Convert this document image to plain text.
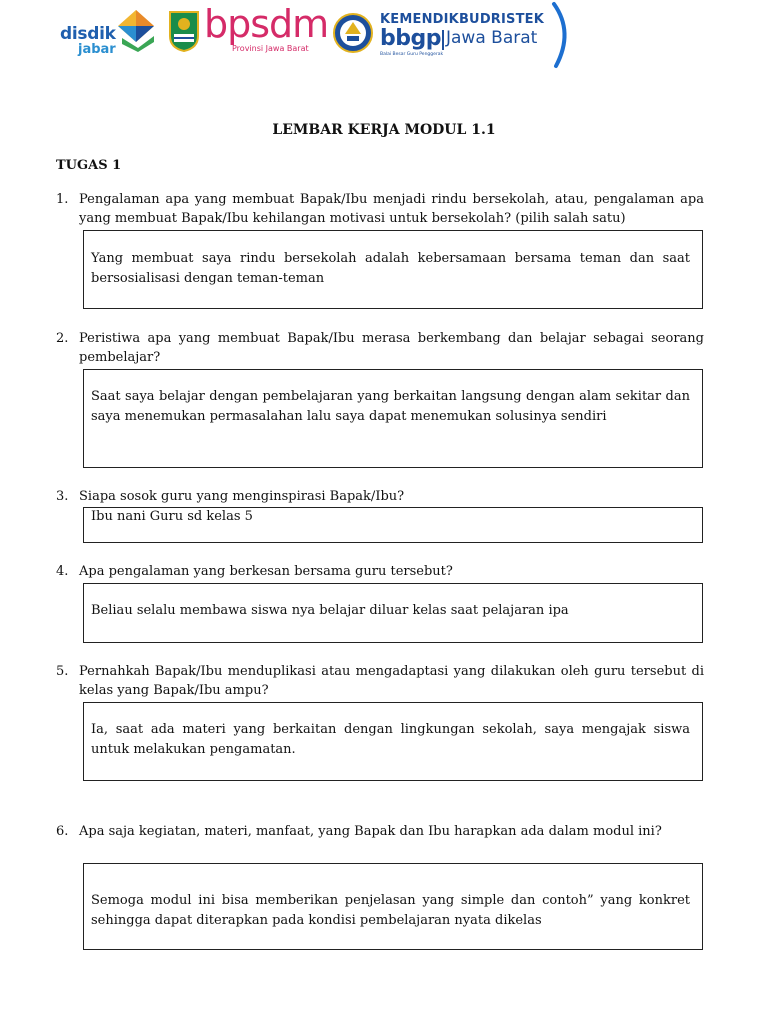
disdik
jabar
bpsdm
Provinsi Jawa Barat
KEMENDIKBUDRISTEK
bbgp Jawa Barat
Balai Besar Guru Penggerak
LEMBAR KERJA MODUL 1.1
TUGAS 1
1. Pengalaman apa yang membuat Bapak/Ibu menjadi rindu bersekolah, atau, pengalaman apa yang membuat Bapak/Ibu kehilangan motivasi untuk bersekolah? (pilih salah satu)
Yang membuat saya rindu bersekolah adalah kebersamaan bersama teman dan saat bersosialisasi dengan teman-teman
2. Peristiwa apa yang membuat Bapak/Ibu merasa berkembang dan belajar sebagai seorang pembelajar?
Saat saya belajar dengan pembelajaran yang berkaitan langsung dengan alam sekitar dan saya menemukan permasalahan lalu saya dapat menemukan solusinya sendiri
3. Siapa sosok guru yang menginspirasi Bapak/Ibu?
Ibu nani Guru sd kelas 5
4. Apa pengalaman yang berkesan bersama guru tersebut?
Beliau selalu membawa siswa nya belajar diluar kelas saat pelajaran ipa
5. Pernahkah Bapak/Ibu menduplikasi atau mengadaptasi yang dilakukan oleh guru tersebut di kelas yang Bapak/Ibu ampu?
Ia, saat ada materi yang berkaitan dengan lingkungan sekolah, saya mengajak siswa untuk melakukan pengamatan.
6. Apa saja kegiatan, materi, manfaat, yang Bapak dan Ibu harapkan ada dalam modul ini?
Semoga modul ini bisa memberikan penjelasan yang simple dan contoh” yang konkret sehingga dapat diterapkan pada kondisi pembelajaran nyata dikelas
